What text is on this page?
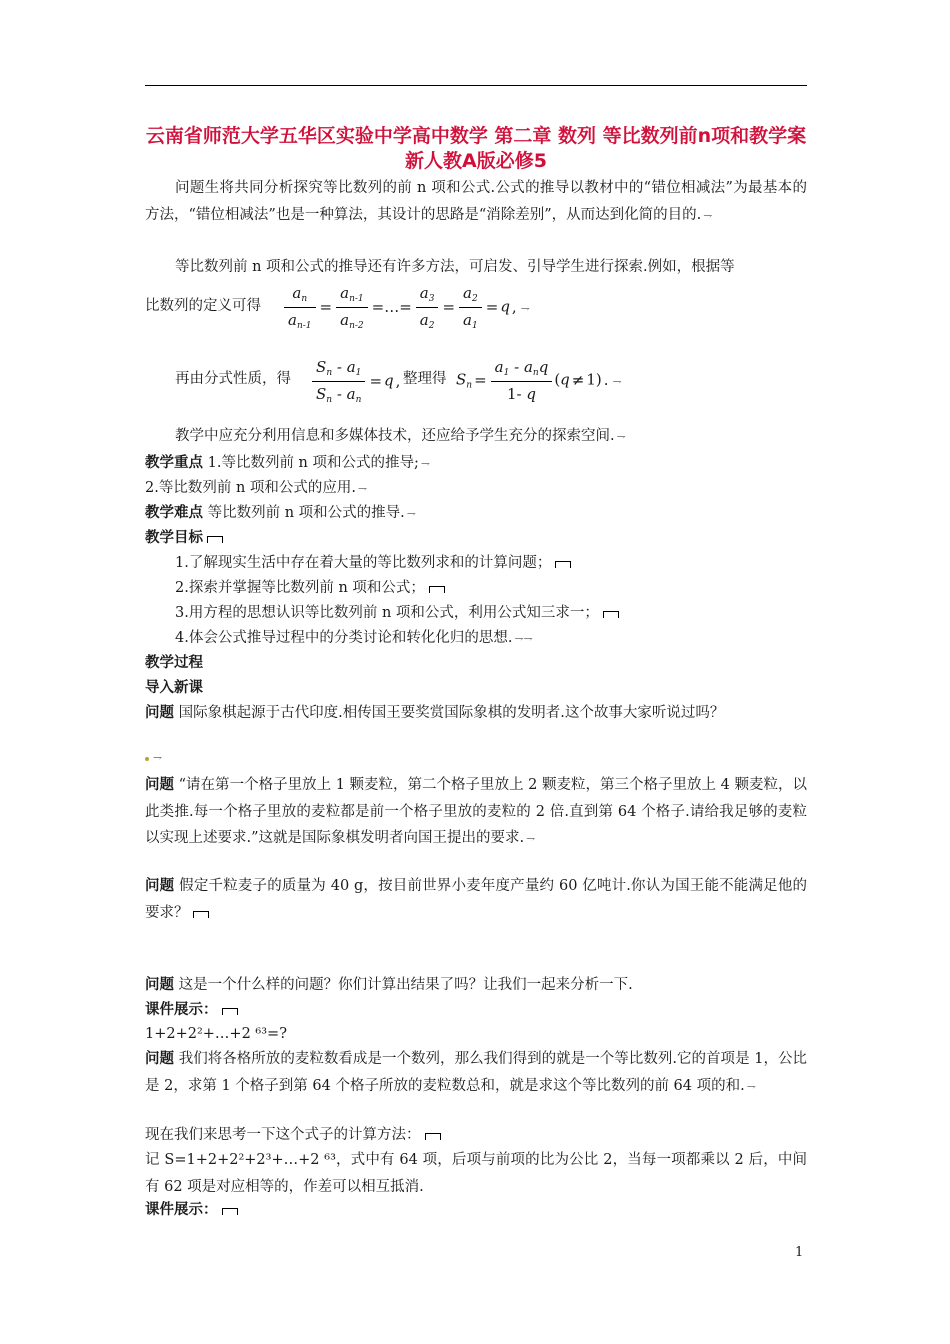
云南省师范大学五华区实验中学高中数学 第二章 数列 等比数列前n项和教学案 新人教A版必修5
问题生将共同分析探究等比数列的前 n 项和公式.公式的推导以教材中的“错位相减法”为最基本的方法，“错位相减法”也是一种算法，其设计的思路是“消除差别”，从而达到化简的目的. ⇁
等比数列前 n 项和公式的推导还有许多方法，可启发、引导学生进行探索.例如，根据等
比数列的定义可得 $\frac{a_n}{a_{n-1}} = \frac{a_{n-1}}{a_{n-2}}$ =…= $\frac{a_3}{a_2} = \frac{a_2}{a_1} = q$ , ⇁
再由分式性质，得 $\frac{S_n - a_1}{S_n - a_n} = q$ , 整理得 $S_n = \frac{a_1 - a_nq}{1- q} (q \ne 1)$ . ⇁
教学中应充分利用信息和多媒体技术，还应给予学生充分的探索空间. ⇁
教学重点 1.等比数列前 n 项和公式的推导; ⇁
2.等比数列前 n 项和公式的应用. ⇁
教学难点 等比数列前 n 项和公式的推导. ⇁
教学目标
1.了解现实生活中存在着大量的等比数列求和的计算问题；
2.探索并掌握等比数列前 n 项和公式；
3.用方程的思想认识等比数列前 n 项和公式，利用公式知三求一；
4.体会公式推导过程中的分类讨论和转化化归的思想. ⇁⇁
教学过程
导入新课
问题 国际象棋起源于古代印度.相传国王要奖赏国际象棋的发明者.这个故事大家听说过吗？
⇁
问题 “请在第一个格子里放上 1 颗麦粒，第二个格子里放上 2 颗麦粒，第三个格子里放上 4 颗麦粒，以此类推.每一个格子里放的麦粒都是前一个格子里放的麦粒的 2 倍.直到第 64 个格子.请给我足够的麦粒以实现上述要求.”这就是国际象棋发明者向国王提出的要求. ⇁
问题 假定千粒麦子的质量为 40 g，按目前世界小麦年度产量约 60 亿吨计.你认为国王能不能满足他的要求？
问题 这是一个什么样的问题？你们计算出结果了吗？让我们一起来分析一下.
课件展示：
1+2+2²+…+2 ⁶³=?
问题 我们将各格所放的麦粒数看成是一个数列，那么我们得到的就是一个等比数列.它的首项是 1，公比是 2，求第 1 个格子到第 64 个格子所放的麦粒数总和，就是求这个等比数列的前 64 项的和. ⇁
现在我们来思考一下这个式子的计算方法：
记 S=1+2+2²+2³+…+2 ⁶³，式中有 64 项，后项与前项的比为公比 2，当每一项都乘以 2 后，中间有 62 项是对应相等的，作差可以相互抵消.
课件展示：
1
